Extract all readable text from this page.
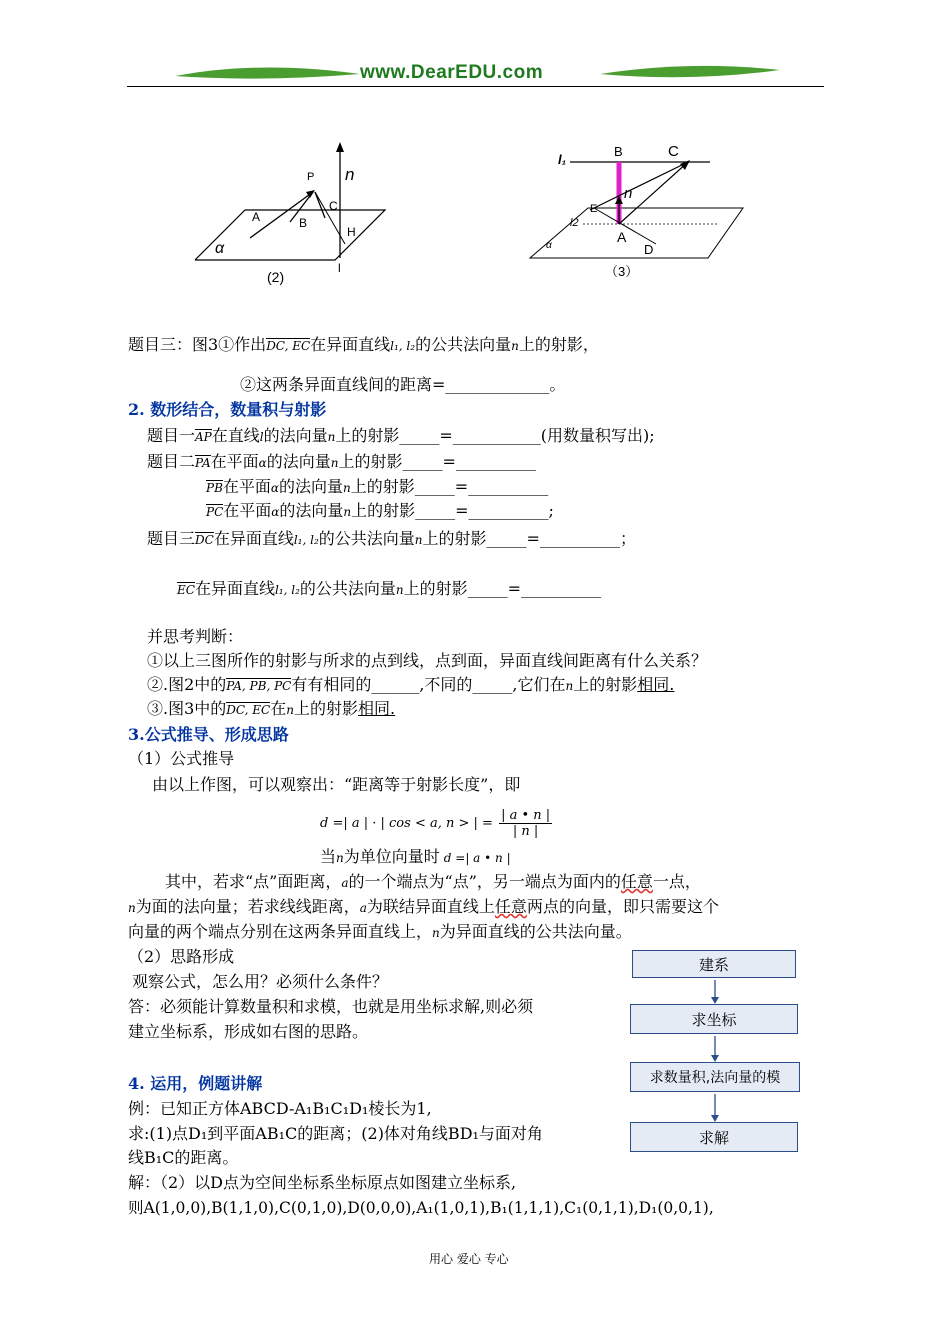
www.DearEDU.com
n
P
C
A	B
H
α
l
(2)
l₁
B	C
n
E
l2
A
D
α
（3）
题目三：图3①作出DC, EC在异面直线l₁, l₂的公共法向量n上的射影，
②这两条异面直线间的距离=_____________。
2. 数形结合，数量积与射影
题目一AP在直线l的法向量n上的射影_____=___________(用数量积写出);
题目二PA在平面α的法向量n上的射影_____=__________
PB在平面α的法向量n上的射影_____=__________
PC在平面α的法向量n上的射影_____=__________;
题目三DC在异面直线l₁, l₂的公共法向量n上的射影_____=__________；
EC在异面直线l₁, l₂的公共法向量n上的射影_____=__________
并思考判断：
①以上三图所作的射影与所求的点到线，点到面，异面直线间距离有什么关系？
②.图2中的PA, PB, PC有有相同的______,不同的_____,它们在n上的射影相同.
③.图3中的DC, EC在n上的射影相同.
3.公式推导、形成思路
（1）公式推导
由以上作图，可以观察出：“距离等于射影长度”，即
d =| a | · | cos < a, n > | = $\frac{| a • n |}{| n |}$
当n为单位向量时 d =| a • n |
其中，若求“点”面距离，a的一个端点为“点”，另一端点为面内的任意一点，
n为面的法向量；若求线线距离，a为联结异面直线上任意两点的向量，即只需要这个
向量的两个端点分别在这两条异面直线上，n为异面直线的公共法向量。
（2）思路形成
观察公式，怎么用？必须什么条件？
答：必须能计算数量积和求模，也就是用坐标求解,则必须
建立坐标系，形成如右图的思路。
建系
求坐标
求数量积,法向量的模
求解
4. 运用，例题讲解
例：已知正方体ABCD-A₁B₁C₁D₁棱长为1,
求:(1)点D₁到平面AB₁C的距离；(2)体对角线BD₁与面对角
线B₁C的距离。
解：（2）以D点为空间坐标系坐标原点如图建立坐标系,
则A(1,0,0),B(1,1,0),C(0,1,0),D(0,0,0),A₁(1,0,1),B₁(1,1,1),C₁(0,1,1),D₁(0,0,1),
用心 爱心 专心
